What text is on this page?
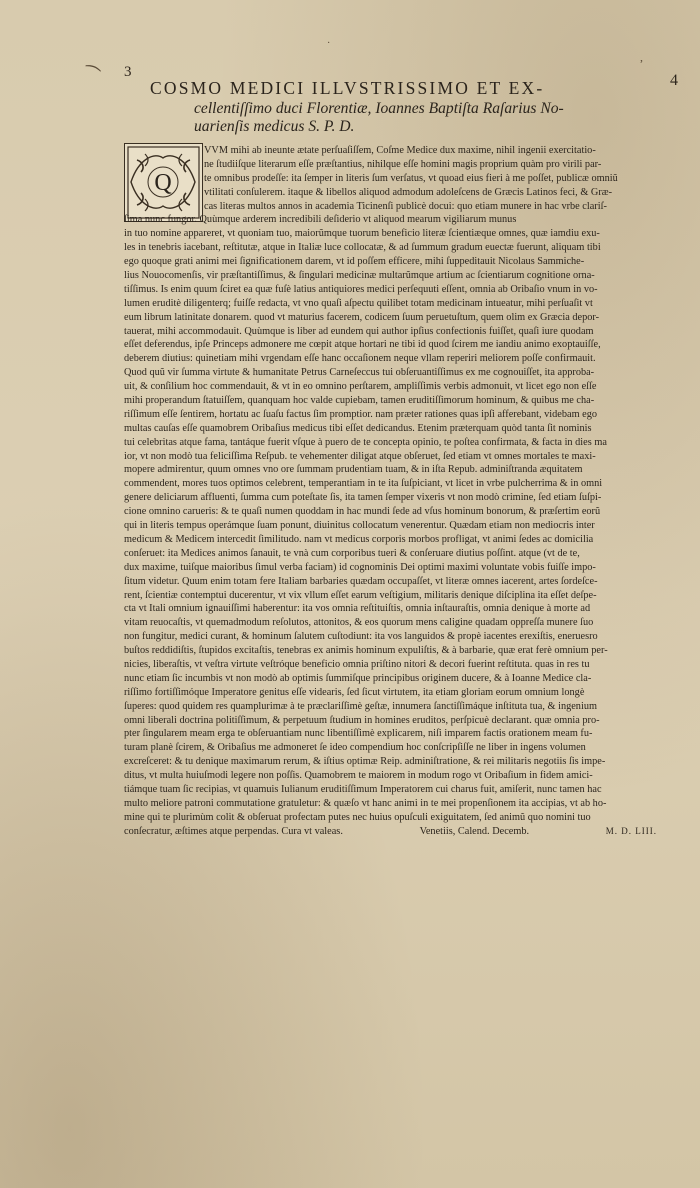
⁀
·
,
3	4
COSMO MEDICI ILLVSTRISSIMO ET EX-
cellentiſſimo duci Florentiæ, Ioannes Baptiſta Raſarius No-
uarienſis medicus S. P. D.
Q
VVM mihi ab ineunte ætate perſuaſiſſem, Coſme Medice dux maxime, nihil ingenii exercitatio-
ne ſtudiiſque literarum eſſe præſtantius, nihilque eſſe homini magis proprium quàm pro virili par-
te omnibus prodeſſe: ita ſemper in literis ſum verſatus, vt quoad eius fieri à me poſſet, publicæ omniũ
vtilitati conſulerem. itaque & libellos aliquod admodum adoleſcens de Græcis Latinos feci, & Græ-
cas literas multos annos in academia Ticinenſi publicè docui: quo etiam munere in hac vrbe clariſ-
ſima nunc fungor. Quùmque arderem incredibili deſiderio vt aliquod mearum vigiliarum munus
in tuo nomine appareret, vt quoniam tuo, maiorũmque tuorum beneficio literæ ſcientiæque omnes, quæ iamdiu exu-
les in tenebris iacebant, reſtitutæ, atque in Italiæ luce collocatæ, & ad ſummum gradum euectæ fuerunt, aliquam tibi
ego quoque grati animi mei ſignificationem darem, vt id poſſem efficere, mihi ſuppeditauit Nicolaus Sammiche-
lius Nouocomenſis, vir præſtantiſſimus, & ſingulari medicinæ multarũmque artium ac ſcientiarum cognitione orna-
tiſſimus. Is enim quum ſciret ea quæ fuſè latius antiquiores medici perſequuti eſſent, omnia ab Oribaſio vnum in vo-
lumen eruditè diligenterq; fuiſſe redacta, vt vno quaſi aſpectu quilibet totam medicinam intueatur, mihi perſuaſit vt
eum librum latinitate donarem. quod vt maturius facerem, codicem ſuum peruetuſtum, quem olim ex Græcia depor-
tauerat, mihi accommodauit. Quùmque is liber ad eundem qui author ipſius confectionis fuiſſet, quaſi iure quodam
eſſet deferendus, ipſe Princeps admonere me cœpit atque hortari ne tibi id quod ſcirem me iandiu animo exoptauiſſe,
deberem diutius: quinetiam mihi vrgendam eſſe hanc occaſionem neque vllam reperiri meliorem poſſe confirmauit.
Quod quũ vir ſumma virtute & humanitate Petrus Carneſeccus tui obſeruantiſſimus ex me cognouiſſet, ita approba-
uit, & conſilium hoc commendauit, & vt in eo omnino perſtarem, ampliſſimis verbis admonuit, vt licet ego non eſſe
mihi properandum ſtatuiſſem, quanquam hoc valde cupiebam, tamen eruditiſſimorum hominum, & quibus me cha-
riſſimum eſſe ſentirem, hortatu ac ſuaſu factus ſim promptior. nam præter rationes quas ipſi afferebant, videbam ego
multas cauſas eſſe quamobrem Oribaſius medicus tibi eſſet dedicandus. Etenim præterquam quòd tanta ſit nominis
tui celebritas atque fama, tantáque fuerit vſque à puero de te concepta opinio, te poſtea confirmata, & facta in dies ma
ior, vt non modò tua feliciſſima Reſpub. te vehementer diligat atque obſeruet, ſed etiam vt omnes mortales te maxi-
mopere admirentur, quum omnes vno ore ſummam prudentiam tuam, & in iſta Repub. adminiſtranda æquitatem
commendent, mores tuos optimos celebrent, temperantiam in te ita ſuſpiciant, vt licet in vrbe pulcherrima & in omni
genere deliciarum affluenti, ſumma cum poteſtate ſis, ita tamen ſemper vixeris vt non modò crimine, ſed etiam ſuſpi-
cione omnino carueris: & te quaſi numen quoddam in hac mundi ſede ad vſus hominum bonorum, & præſertim eorũ
qui in literis tempus operámque ſuam ponunt, diuinitus collocatum venerentur. Quædam etiam non mediocris inter
medicum & Medicem intercedit ſimilitudo. nam vt medicus corporis morbos profligat, vt animi ſedes ac domicilia
conſeruet: ita Medices animos ſanauit, te vnà cum corporibus tueri & conſeruare diutius poſſint. atque (vt de te,
dux maxime, tuiſque maioribus ſimul verba faciam) id cognominis Dei optimi maximi voluntate vobis fuiſſe impo-
ſitum videtur. Quum enim totam fere Italiam barbaries quædam occupaſſet, vt literæ omnes iacerent, artes ſordeſce-
rent, ſcientiæ contemptui ducerentur, vt vix vllum eſſet earum veſtigium, militaris denique diſciplina ita eſſet deſpe-
cta vt Itali omnium ignauiſſimi haberentur: ita vos omnia reſtituiſtis, omnia inſtauraſtis, omnia denique à morte ad
vitam reuocaſtis, vt quemadmodum reſolutos, attonitos, & eos quorum mens caligine quadam oppreſſa munere ſuo
non fungitur, medici curant, & hominum ſalutem cuſtodiunt: ita vos languidos & propè iacentes erexiſtis, eneruesro
buſtos reddidiſtis, ſtupidos excitaſtis, tenebras ex animis hominum expuliſtis, & à barbarie, quæ erat ferè omnium per-
nicies, liberaſtis, vt veſtra virtute veſtróque beneficio omnia priſtino nitori & decori fuerint reſtituta. quas in res tu
nunc etiam ſic incumbis vt non modò ab optimis ſummiſque principibus originem ducere, & à Ioanne Medice cla-
riſſimo fortiſſimóque Imperatore genitus eſſe videaris, ſed ſicut virtutem, ita etiam gloriam eorum omnium longè
ſuperes: quod quidem res quamplurimæ à te præclariſſimè geſtæ, innumera ſanctiſſimáque inſtituta tua, & ingenium
omni liberali doctrina politiſſimum, & perpetuum ſtudium in homines eruditos, perſpicuè declarant. quæ omnia pro-
pter ſingularem meam erga te obſeruantiam nunc libentiſſimè explicarem, niſi imparem factis orationem meam fu-
turam planè ſcirem, & Oribaſius me admoneret ſe ideo compendium hoc conſcripſiſſe ne liber in ingens volumen
excreſceret: & tu denique maximarum rerum, & iſtius optimæ Reip. adminiſtratione, & rei militaris negotiis ſis impe-
ditus, vt multa huiuſmodi legere non poſſis. Quamobrem te maiorem in modum rogo vt Oribaſium in fidem amici-
tiámque tuam ſic recipias, vt quamuis Iulianum eruditiſſimum Imperatorem cui charus fuit, amiſerit, nunc tamen hac
multo meliore patroni commutatione gratuletur: & quæſo vt hanc animi in te mei propenſionem ita accipias, vt ab ho-
mine qui te plurimùm colit & obſeruat profectam putes nec huius opuſculi exiguitatem, ſed animũ quo nomini tuo
conſecratur, æſtimes atque perpendas. Cura vt valeas.	Venetiis, Calend. Decemb.	M. D. LIII.
